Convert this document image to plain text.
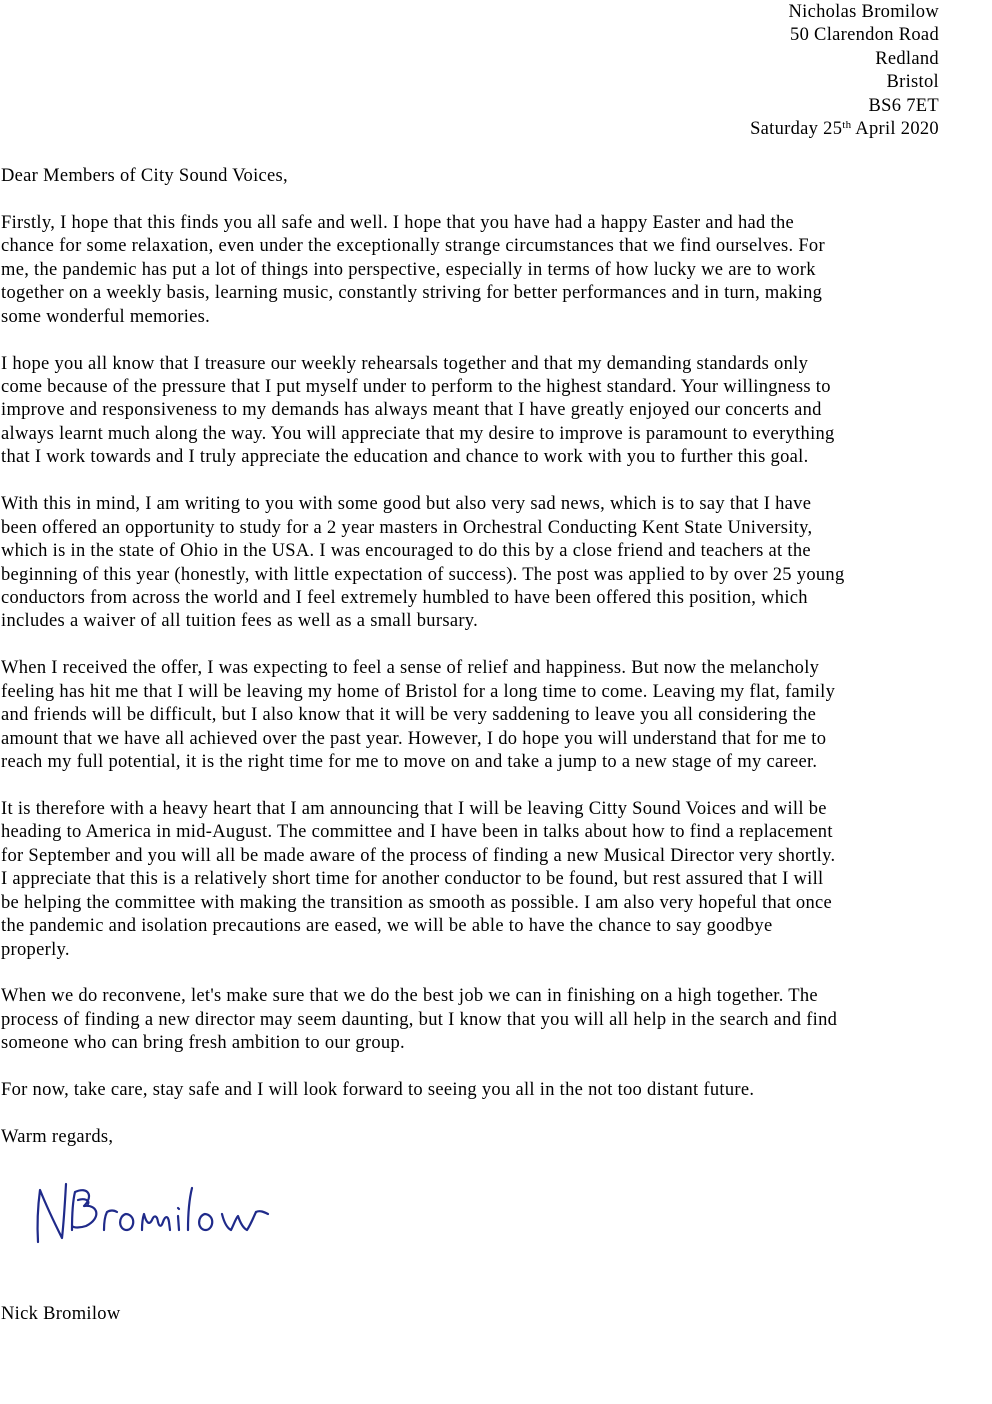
Nicholas Bromilow
50 Clarendon Road
Redland
Bristol
BS6 7ET
Saturday 25th April 2020

Dear Members of City Sound Voices,

Firstly, I hope that this finds you all safe and well. I hope that you have had a happy Easter and had the
chance for some relaxation, even under the exceptionally strange circumstances that we find ourselves. For
me, the pandemic has put a lot of things into perspective, especially in terms of how lucky we are to work
together on a weekly basis, learning music, constantly striving for better performances and in turn, making
some wonderful memories.

I hope you all know that I treasure our weekly rehearsals together and that my demanding standards only
come because of the pressure that I put myself under to perform to the highest standard. Your willingness to
improve and responsiveness to my demands has always meant that I have greatly enjoyed our concerts and
always learnt much along the way. You will appreciate that my desire to improve is paramount to everything
that I work towards and I truly appreciate the education and chance to work with you to further this goal.

With this in mind, I am writing to you with some good but also very sad news, which is to say that I have
been offered an opportunity to study for a 2 year masters in Orchestral Conducting Kent State University,
which is in the state of Ohio in the USA. I was encouraged to do this by a close friend and teachers at the
beginning of this year (honestly, with little expectation of success). The post was applied to by over 25 young
conductors from across the world and I feel extremely humbled to have been offered this position, which
includes a waiver of all tuition fees as well as a small bursary.

When I received the offer, I was expecting to feel a sense of relief and happiness. But now the melancholy
feeling has hit me that I will be leaving my home of Bristol for a long time to come. Leaving my flat, family
and friends will be difficult, but I also know that it will be very saddening to leave you all considering the
amount that we have all achieved over the past year. However, I do hope you will understand that for me to
reach my full potential, it is the right time for me to move on and take a jump to a new stage of my career.

It is therefore with a heavy heart that I am announcing that I will be leaving Citty Sound Voices and will be
heading to America in mid-August. The committee and I have been in talks about how to find a replacement
for September and you will all be made aware of the process of finding a new Musical Director very shortly.
I appreciate that this is a relatively short time for another conductor to be found, but rest assured that I will
be helping the committee with making the transition as smooth as possible. I am also very hopeful that once
the pandemic and isolation precautions are eased, we will be able to have the chance to say goodbye
properly.

When we do reconvene, let's make sure that we do the best job we can in finishing on a high together. The
process of finding a new director may seem daunting, but I know that you will all help in the search and find
someone who can bring fresh ambition to our group.

For now, take care, stay safe and I will look forward to seeing you all in the not too distant future.

Warm regards,

Nick Bromilow
